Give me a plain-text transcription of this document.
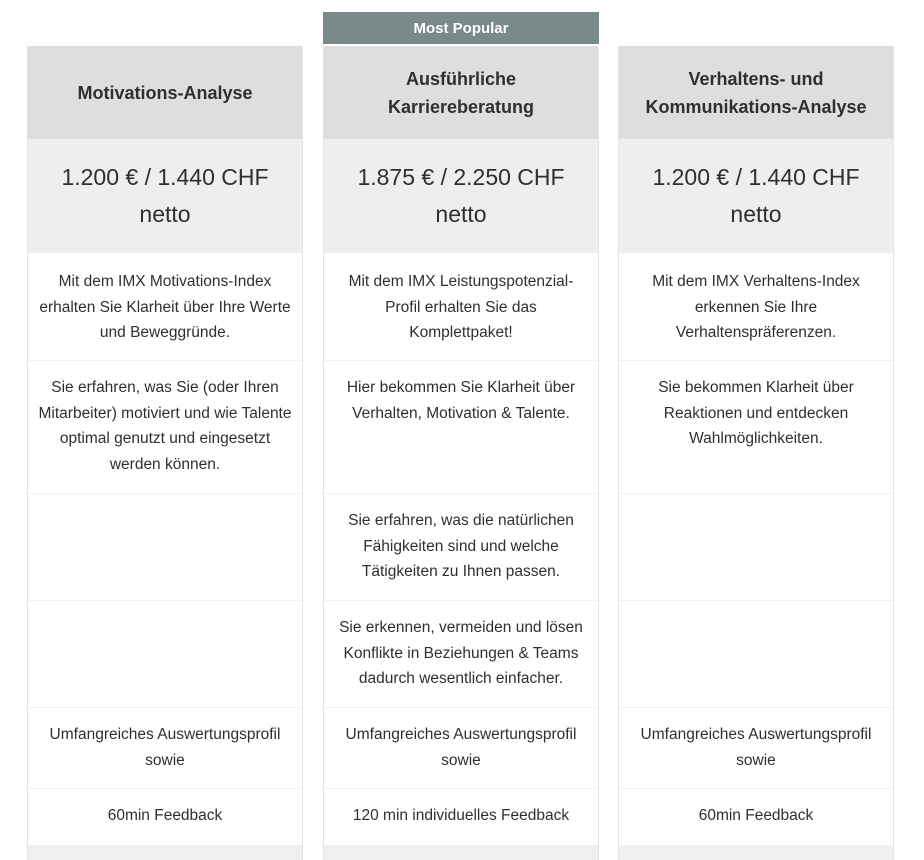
Most Popular
Motivations-Analyse
1.200 € / 1.440 CHF
netto
Mit dem IMX Motivations-Index erhalten Sie Klarheit über Ihre Werte und Beweggründe.
Sie erfahren, was Sie (oder Ihren Mitarbeiter) motiviert und wie Talente optimal genutzt und eingesetzt werden können.
Umfangreiches Auswertungsprofil sowie
60min Feedback
Ausführliche
Karriereberatung
1.875 € / 2.250 CHF
netto
Mit dem IMX Leistungspotenzial-Profil erhalten Sie das Komplettpaket!
Hier bekommen Sie Klarheit über Verhalten, Motivation & Talente.
Sie erfahren, was die natürlichen Fähigkeiten sind und welche Tätigkeiten zu Ihnen passen.
Sie erkennen, vermeiden und lösen Konflikte in Beziehungen & Teams dadurch wesentlich einfacher.
Umfangreiches Auswertungsprofil sowie
120 min individuelles Feedback
Verhaltens- und
Kommunikations-Analyse
1.200 € / 1.440 CHF
netto
Mit dem IMX Verhaltens-Index erkennen Sie Ihre Verhaltenspräferenzen.
Sie bekommen Klarheit über Reaktionen und entdecken Wahlmöglichkeiten.
Umfangreiches Auswertungsprofil sowie
60min Feedback
